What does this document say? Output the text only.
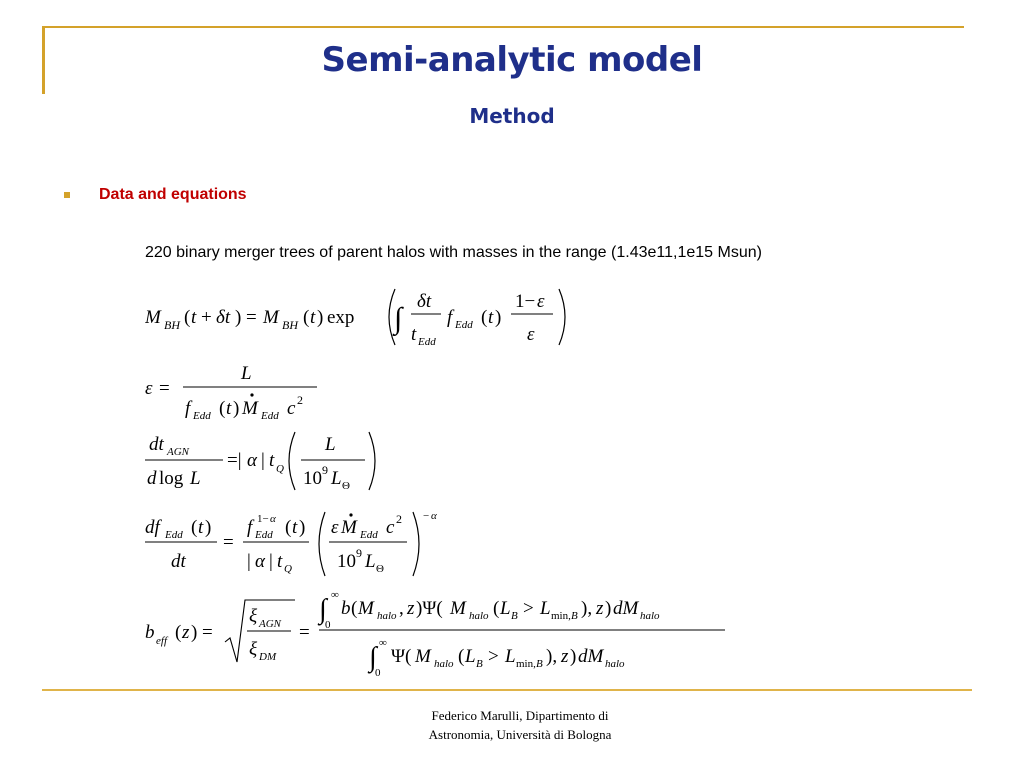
Semi-analytic model
Method
Data and equations
220 binary merger trees of parent halos with masses in the range (1.43e11,1e15 Msun)
M BH ( t + δt ) = M BH ( t ) exp ∫
δt
t Edd
f Edd ( t )
1− ε
ε
ε =
L
f Edd ( t ) M Edd c 2
dt AGN
d log L
=| α | t Q
L
10 9 L Θ
df Edd ( t )
dt
=
f 1− α
Edd ( t )
| α | t Q
ε M Edd c 2
10 9 L Θ
− α
b eff ( z ) =
ξ AGN
ξ DM
=
∫ ∞
0
b ( M halo , z )Ψ( M halo ( L B > L min, B ), z ) dM halo
∫ ∞
0
Ψ( M halo ( L B > L min, B ), z ) dM halo
Federico Marulli, Dipartimento di
Astronomia, Università di Bologna
